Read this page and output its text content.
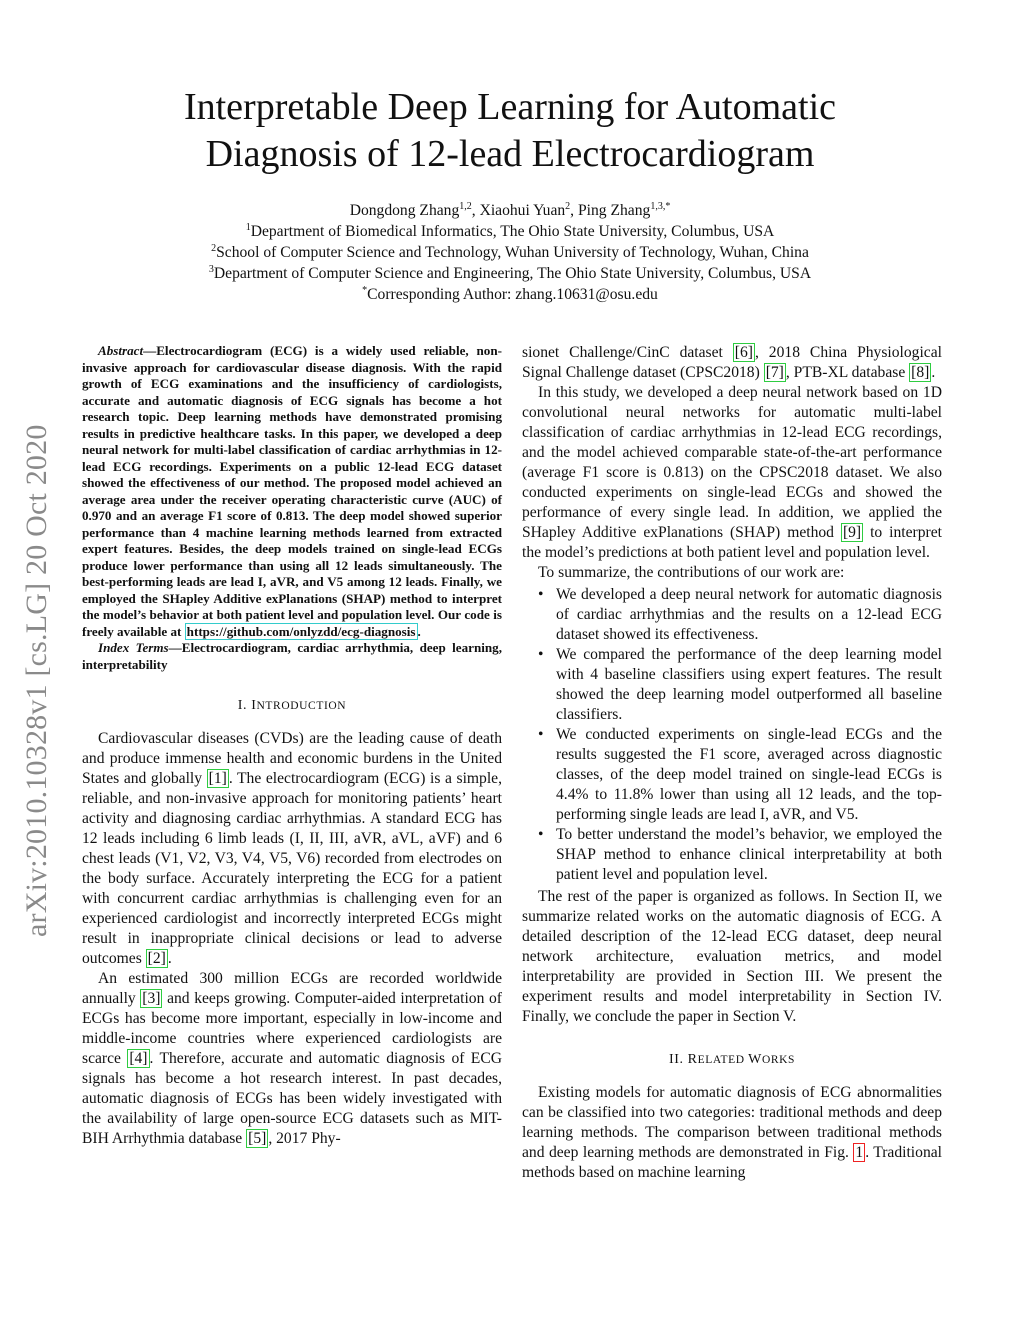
arXiv:2010.10328v1 [cs.LG] 20 Oct 2020
Interpretable Deep Learning for Automatic
Diagnosis of 12-lead Electrocardiogram
Dongdong Zhang$^{1,2}$, Xiaohui Yuan$^2$, Ping Zhang$^{1,3,*}$
$^1$Department of Biomedical Informatics, The Ohio State University, Columbus, USA
$^2$School of Computer Science and Technology, Wuhan University of Technology, Wuhan, China
$^3$Department of Computer Science and Engineering, The Ohio State University, Columbus, USA
*Corresponding Author: zhang.10631@osu.edu

Abstract—Electrocardiogram (ECG) is a widely used reliable, non-invasive approach for cardiovascular disease diagnosis. With the rapid growth of ECG examinations and the insufficiency of cardiologists, accurate and automatic diagnosis of ECG signals has become a hot research topic. Deep learning methods have demonstrated promising results in predictive healthcare tasks. In this paper, we developed a deep neural network for multi-label classification of cardiac arrhythmias in 12-lead ECG recordings. Experiments on a public 12-lead ECG dataset showed the effectiveness of our method. The proposed model achieved an average area under the receiver operating characteristic curve (AUC) of 0.970 and an average F1 score of 0.813. The deep model showed superior performance than 4 machine learning methods learned from extracted expert features. Besides, the deep models trained on single-lead ECGs produce lower performance than using all 12 leads simultaneously. The best-performing leads are lead I, aVR, and V5 among 12 leads. Finally, we employed the SHapley Additive exPlanations (SHAP) method to interpret the model’s behavior at both patient level and population level. Our code is freely available at https://github.com/onlyzdd/ecg-diagnosis .

Index Terms—Electrocardiogram, cardiac arrhythmia, deep learning, interpretability

I. INTRODUCTION

Cardiovascular diseases (CVDs) are the leading cause of death and produce immense health and economic burdens in the United States and globally [1] . The electrocardiogram (ECG) is a simple, reliable, and non-invasive approach for monitoring patients’ heart activity and diagnosing cardiac arrhythmias. A standard ECG has 12 leads including 6 limb leads (I, II, III, aVR, aVL, aVF) and 6 chest leads (V1, V2, V3, V4, V5, V6) recorded from electrodes on the body surface. Accurately interpreting the ECG for a patient with concurrent cardiac arrhythmias is challenging even for an experienced cardiologist and incorrectly interpreted ECGs might result in inappropriate clinical decisions or lead to adverse outcomes [2] .

An estimated 300 million ECGs are recorded worldwide annually [3] and keeps growing. Computer-aided interpretation of ECGs has become more important, especially in low-income and middle-income countries where experienced cardiologists are scarce [4] . Therefore, accurate and automatic diagnosis of ECG signals has become a hot research interest. In past decades, automatic diagnosis of ECGs has been widely investigated with the availability of large open-source ECG datasets such as MIT-BIH Arrhythmia database [5] , 2017 Phy-

sionet Challenge/CinC dataset [6] , 2018 China Physiological Signal Challenge dataset (CPSC2018) [7] , PTB-XL database [8] .

In this study, we developed a deep neural network based on 1D convolutional neural networks for automatic multi-label classification of cardiac arrhythmias in 12-lead ECG recordings, and the model achieved comparable state-of-the-art performance (average F1 score is 0.813) on the CPSC2018 dataset. We also conducted experiments on single-lead ECGs and showed the performance of every single lead. In addition, we applied the SHapley Additive exPlanations (SHAP) method [9] to interpret the model’s predictions at both patient level and population level.

To summarize, the contributions of our work are:

• We developed a deep neural network for automatic diagnosis of cardiac arrhythmias and the results on a 12-lead ECG dataset showed its effectiveness.
• We compared the performance of the deep learning model with 4 baseline classifiers using expert features. The result showed the deep learning model outperformed all baseline classifiers.
• We conducted experiments on single-lead ECGs and the results suggested the F1 score, averaged across diagnostic classes, of the deep model trained on single-lead ECGs is 4.4% to 11.8% lower than using all 12 leads, and the top-performing single leads are lead I, aVR, and V5.
• To better understand the model’s behavior, we employed the SHAP method to enhance clinical interpretability at both patient level and population level.

The rest of the paper is organized as follows. In Section II, we summarize related works on the automatic diagnosis of ECG. A detailed description of the 12-lead ECG dataset, deep neural network architecture, evaluation metrics, and model interpretability are provided in Section III. We present the experiment results and model interpretability in Section IV. Finally, we conclude the paper in Section V.

II. RELATED WORKS

Existing models for automatic diagnosis of ECG abnormalities can be classified into two categories: traditional methods and deep learning methods. The comparison between traditional methods and deep learning methods are demonstrated in Fig. 1 . Traditional methods based on machine learning
